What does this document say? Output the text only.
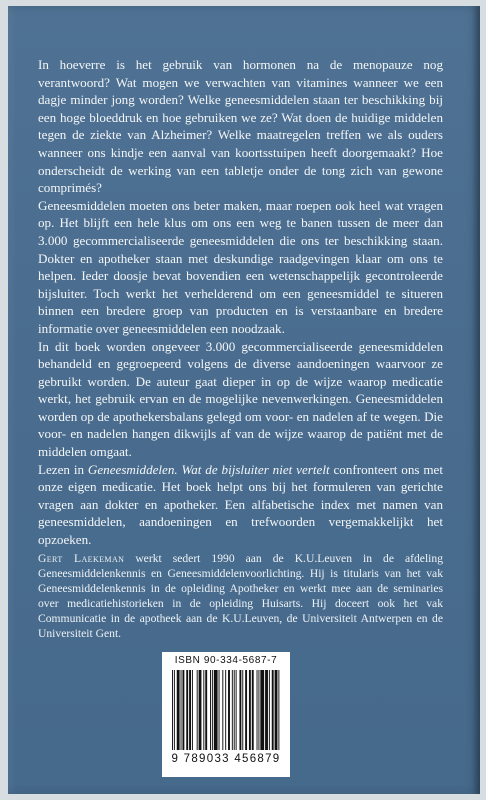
In hoeverre is het gebruik van hormonen na de menopauze nog verantwoord? Wat mogen we verwachten van vitamines wanneer we een dagje minder jong worden? Welke geneesmiddelen staan ter beschikking bij een hoge bloeddruk en hoe gebruiken we ze? Wat doen de huidige middelen tegen de ziekte van Alzheimer? Welke maatregelen treffen we als ouders wanneer ons kindje een aanval van koortsstuipen heeft doorgemaakt? Hoe onderscheidt de werking van een tabletje onder de tong zich van gewone comprimés?

Geneesmiddelen moeten ons beter maken, maar roepen ook heel wat vragen op. Het blijft een hele klus om ons een weg te banen tussen de meer dan 3.000 gecommercialiseerde geneesmiddelen die ons ter beschikking staan. Dokter en apotheker staan met deskundige raadgevingen klaar om ons te helpen. Ieder doosje bevat bovendien een wetenschappelijk gecontroleerde bijsluiter. Toch werkt het verhelderend om een geneesmiddel te situeren binnen een bredere groep van producten en is verstaanbare en bredere informatie over geneesmiddelen een noodzaak.

In dit boek worden ongeveer 3.000 gecommercialiseerde geneesmiddelen behandeld en gegroepeerd volgens de diverse aandoeningen waarvoor ze gebruikt worden. De auteur gaat dieper in op de wijze waarop medicatie werkt, het gebruik ervan en de mogelijke nevenwerkingen. Geneesmiddelen worden op de apothekersbalans gelegd om voor- en nadelen af te wegen. Die voor- en nadelen hangen dikwijls af van de wijze waarop de patiënt met de middelen omgaat.

Lezen in Geneesmiddelen. Wat de bijsluiter niet vertelt confronteert ons met onze eigen medicatie. Het boek helpt ons bij het formuleren van gerichte vragen aan dokter en apotheker. Een alfabetische index met namen van geneesmiddelen, aandoeningen en trefwoorden vergemakkelijkt het opzoeken.

Gert Laekeman werkt sedert 1990 aan de K.U.Leuven in de afdeling Geneesmiddelenkennis en Geneesmiddelenvoorlichting. Hij is titularis van het vak Geneesmiddelenkennis in de opleiding Apotheker en werkt mee aan de seminaries over medicatiehistorieken in de opleiding Huisarts. Hij doceert ook het vak Communicatie in de apotheek aan de K.U.Leuven, de Universiteit Antwerpen en de Universiteit Gent.

ISBN 90-334-5687-7
9 789033 456879
